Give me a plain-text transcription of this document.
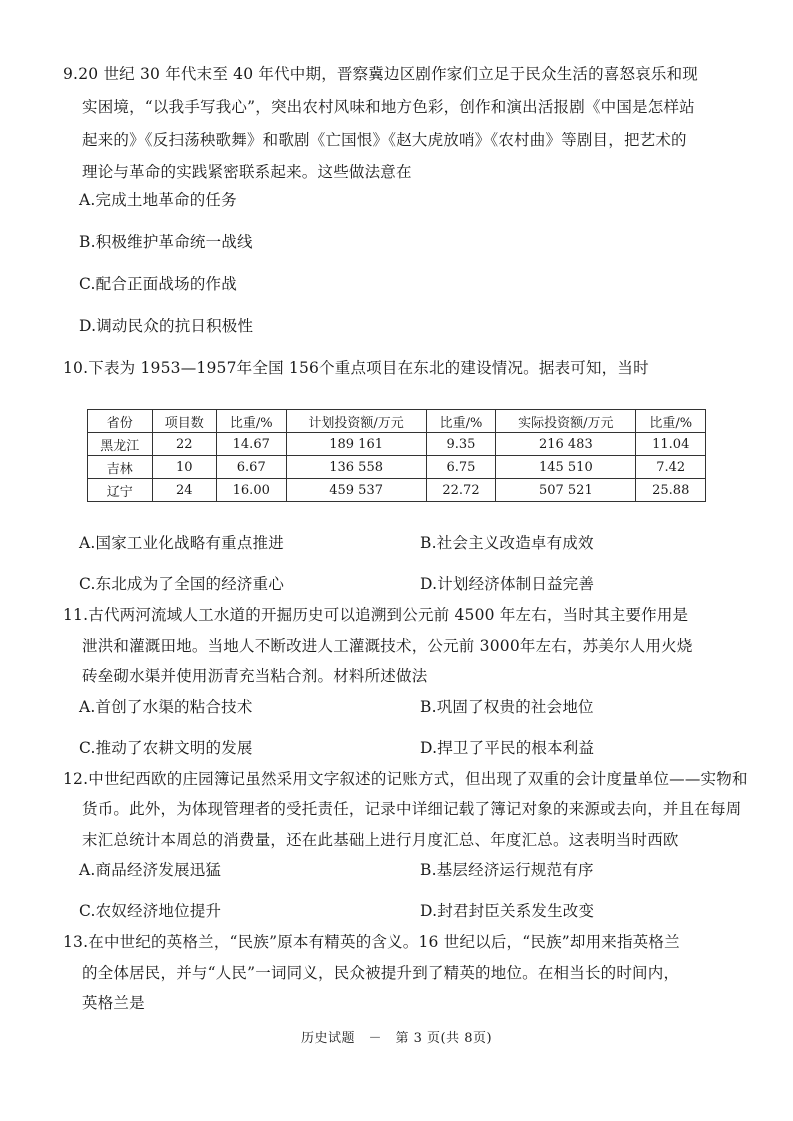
9.20 世纪 30 年代末至 40 年代中期，晋察冀边区剧作家们立足于民众生活的喜怒哀乐和现
实困境，“以我手写我心”，突出农村风味和地方色彩，创作和演出活报剧《中国是怎样站
起来的》《反扫荡秧歌舞》和歌剧《亡国恨》《赵大虎放哨》《农村曲》等剧目，把艺术的
理论与革命的实践紧密联系起来。这些做法意在
A.完成土地革命的任务
B.积极维护革命统一战线
C.配合正面战场的作战
D.调动民众的抗日积极性
10.下表为 1953—1957年全国 156个重点项目在东北的建设情况。据表可知，当时
省份	项目数	比重/%	计划投资额/万元	比重/%	实际投资额/万元	比重/%
黑龙江	22	14.67	189 161	9.35	216 483	11.04
吉林	10	6.67	136 558	6.75	145 510	7.42
辽宁	24	16.00	459 537	22.72	507 521	25.88
A.国家工业化战略有重点推进	B.社会主义改造卓有成效
C.东北成为了全国的经济重心	D.计划经济体制日益完善
11.古代两河流域人工水道的开掘历史可以追溯到公元前 4500 年左右，当时其主要作用是
泄洪和灌溉田地。当地人不断改进人工灌溉技术，公元前 3000年左右，苏美尔人用火烧
砖垒砌水渠并使用沥青充当粘合剂。材料所述做法
A.首创了水渠的粘合技术	B.巩固了权贵的社会地位
C.推动了农耕文明的发展	D.捍卫了平民的根本利益
12.中世纪西欧的庄园簿记虽然采用文字叙述的记账方式，但出现了双重的会计度量单位——实物和
货币。此外，为体现管理者的受托责任，记录中详细记载了簿记对象的来源或去向，并且在每周
末汇总统计本周总的消费量，还在此基础上进行月度汇总、年度汇总。这表明当时西欧
A.商品经济发展迅猛	B.基层经济运行规范有序
C.农奴经济地位提升	D.封君封臣关系发生改变
13.在中世纪的英格兰，“民族”原本有精英的含义。16 世纪以后，“民族”却用来指英格兰
的全体居民，并与“人民”一词同义，民众被提升到了精英的地位。在相当长的时间内，
英格兰是
历史试题　－　第 3 页(共 8页)
